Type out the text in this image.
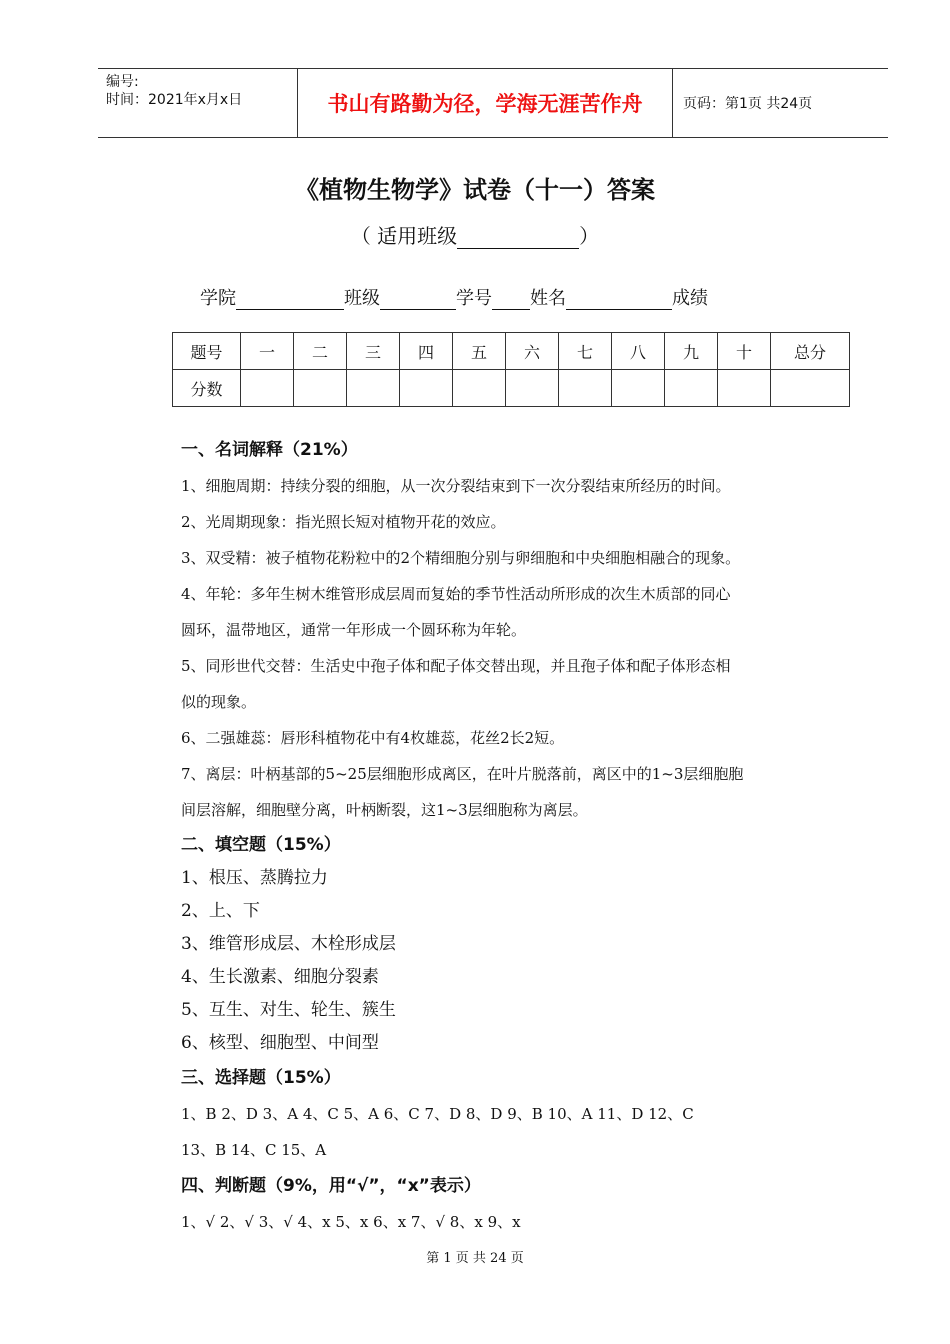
编号:
时间：2021年x月x日	书山有路勤为径，学海无涯苦作舟	页码：第1页 共24页
《植物生物学》试卷（十一）答案
（ 适用班级	）
学院	班级	学号 姓名	成绩
题号	一	二	三	四	五	六	七	八	九	十	总分
分数											
一、名词解释（21%）
1、细胞周期：持续分裂的细胞，从一次分裂结束到下一次分裂结束所经历的时间。
2、光周期现象：指光照长短对植物开花的效应。
3、双受精：被子植物花粉粒中的2个精细胞分别与卵细胞和中央细胞相融合的现象。
4、年轮：多年生树木维管形成层周而复始的季节性活动所形成的次生木质部的同心
圆环，温带地区，通常一年形成一个圆环称为年轮。
5、同形世代交替：生活史中孢子体和配子体交替出现，并且孢子体和配子体形态相
似的现象。
6、二强雄蕊：唇形科植物花中有4枚雄蕊，花丝2长2短。
7、离层：叶柄基部的5~25层细胞形成离区，在叶片脱落前，离区中的1~3层细胞胞
间层溶解，细胞壁分离，叶柄断裂，这1~3层细胞称为离层。
二、填空题（15%）
1、根压、蒸腾拉力
2、上、下
3、维管形成层、木栓形成层
4、生长激素、细胞分裂素
5、互生、对生、轮生、簇生
6、核型、细胞型、中间型
三、选择题（15%）
1、B 2、D 3、A 4、C 5、A 6、C 7、D 8、D 9、B 10、A 11、D 12、C
13、B 14、C 15、A
四、判断题（9%，用“√”，“x”表示）
1、√ 2、√ 3、√ 4、x 5、x 6、x 7、√ 8、x 9、x
第 1 页 共 24 页
